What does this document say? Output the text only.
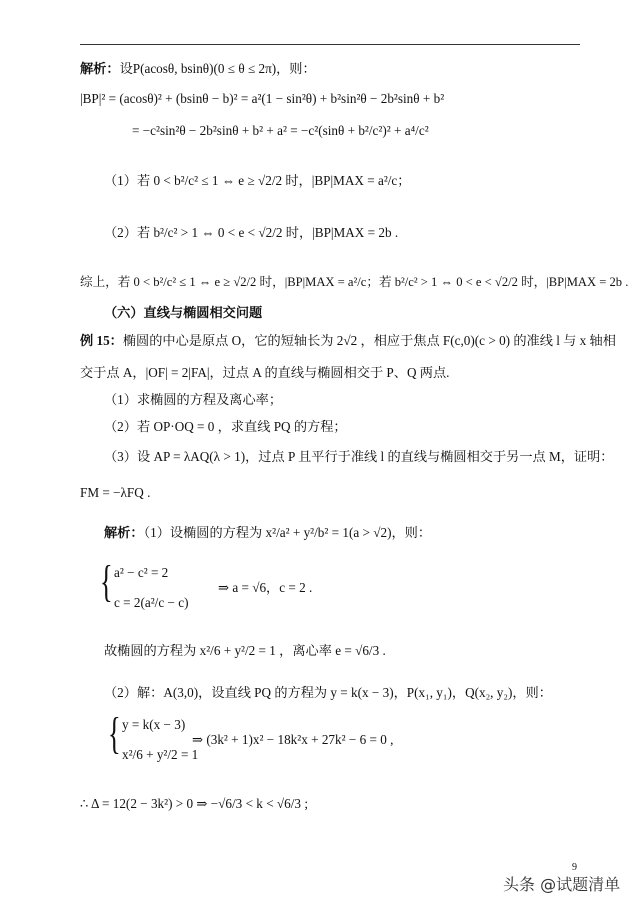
解析：设P(acosθ, bsinθ)(0 ≤ θ ≤ 2π)，则：
|BP|² = (acosθ)² + (bsinθ − b)² = a²(1 − sin²θ) + b²sin²θ − 2b²sinθ + b²
= −c²sin²θ − 2b²sinθ + b² + a² = −c²(sinθ + b²/c²)² + a⁴/c²
（1）若 0 < b²/c² ≤ 1 ⇔ e ≥ √2/2 时，|BP|MAX = a²/c；
（2）若 b²/c² > 1 ⇔ 0 < e < √2/2 时，|BP|MAX = 2b .
综上，若 0 < b²/c² ≤ 1 ⇔ e ≥ √2/2 时，|BP|MAX = a²/c；若 b²/c² > 1 ⇔ 0 < e < √2/2 时，|BP|MAX = 2b .
（六）直线与椭圆相交问题
例 15：椭圆的中心是原点 O，它的短轴长为 2√2 ，相应于焦点 F(c,0)(c > 0) 的准线 l 与 x 轴相
交于点 A，|OF| = 2|FA|，过点 A 的直线与椭圆相交于 P、Q 两点.
（1）求椭圆的方程及离心率；
（2）若 OP·OQ = 0 ，求直线 PQ 的方程；
（3）设 AP = λAQ(λ > 1)，过点 P 且平行于准线 l 的直线与椭圆相交于另一点 M，证明：
FM = −λFQ .
解析：（1）设椭圆的方程为 x²/a² + y²/b² = 1(a > √2)，则：
{ a² − c² = 2
c = 2(a²/c − c)
⇒ a = √6，c = 2 .
故椭圆的方程为 x²/6 + y²/2 = 1 ，离心率 e = √6/3 .
（2）解：A(3,0)，设直线 PQ 的方程为 y = k(x − 3)，P(x₁, y₁)，Q(x₂, y₂)，则：
{ y = k(x − 3)
x²/6 + y²/2 = 1
⇒ (3k² + 1)x² − 18k²x + 27k² − 6 = 0 ,
∴ Δ = 12(2 − 3k²) > 0 ⇒ −√6/3 < k < √6/3 ;
9
头条 @试题清单
